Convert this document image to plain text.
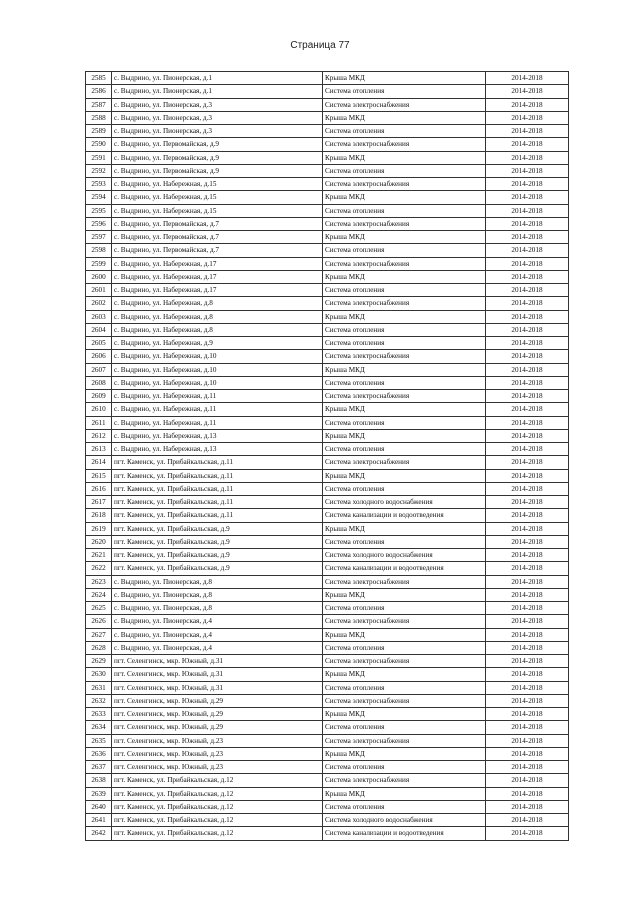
Страница 77
2585	с. Выдрино, ул. Пионерская, д.1	Крыша МКД	2014-2018
2586	с. Выдрино, ул. Пионерская, д.1	Система отопления	2014-2018
2587	с. Выдрино, ул. Пионерская, д.3	Система электроснабжения	2014-2018
2588	с. Выдрино, ул. Пионерская, д.3	Крыша МКД	2014-2018
2589	с. Выдрино, ул. Пионерская, д.3	Система отопления	2014-2018
2590	с. Выдрино, ул. Первомайская, д.9	Система электроснабжения	2014-2018
2591	с. Выдрино, ул. Первомайская, д.9	Крыша МКД	2014-2018
2592	с. Выдрино, ул. Первомайская, д.9	Система отопления	2014-2018
2593	с. Выдрино, ул. Набережная, д.15	Система электроснабжения	2014-2018
2594	с. Выдрино, ул. Набережная, д.15	Крыша МКД	2014-2018
2595	с. Выдрино, ул. Набережная, д.15	Система отопления	2014-2018
2596	с. Выдрино, ул. Первомайская, д.7	Система электроснабжения	2014-2018
2597	с. Выдрино, ул. Первомайская, д.7	Крыша МКД	2014-2018
2598	с. Выдрино, ул. Первомайская, д.7	Система отопления	2014-2018
2599	с. Выдрино, ул. Набережная, д.17	Система электроснабжения	2014-2018
2600	с. Выдрино, ул. Набережная, д.17	Крыша МКД	2014-2018
2601	с. Выдрино, ул. Набережная, д.17	Система отопления	2014-2018
2602	с. Выдрино, ул. Набережная, д.8	Система электроснабжения	2014-2018
2603	с. Выдрино, ул. Набережная, д.8	Крыша МКД	2014-2018
2604	с. Выдрино, ул. Набережная, д.8	Система отопления	2014-2018
2605	с. Выдрино, ул. Набережная, д.9	Система отопления	2014-2018
2606	с. Выдрино, ул. Набережная, д.10	Система электроснабжения	2014-2018
2607	с. Выдрино, ул. Набережная, д.10	Крыша МКД	2014-2018
2608	с. Выдрино, ул. Набережная, д.10	Система отопления	2014-2018
2609	с. Выдрино, ул. Набережная, д.11	Система электроснабжения	2014-2018
2610	с. Выдрино, ул. Набережная, д.11	Крыша МКД	2014-2018
2611	с. Выдрино, ул. Набережная, д.11	Система отопления	2014-2018
2612	с. Выдрино, ул. Набережная, д.13	Крыша МКД	2014-2018
2613	с. Выдрино, ул. Набережная, д.13	Система отопления	2014-2018
2614	пгт. Каменск, ул. Прибайкальская, д.11	Система электроснабжения	2014-2018
2615	пгт. Каменск, ул. Прибайкальская, д.11	Крыша МКД	2014-2018
2616	пгт. Каменск, ул. Прибайкальская, д.11	Система отопления	2014-2018
2617	пгт. Каменск, ул. Прибайкальская, д.11	Система холодного водоснабжения	2014-2018
2618	пгт. Каменск, ул. Прибайкальская, д.11	Система канализации и водоотведения	2014-2018
2619	пгт. Каменск, ул. Прибайкальская, д.9	Крыша МКД	2014-2018
2620	пгт. Каменск, ул. Прибайкальская, д.9	Система отопления	2014-2018
2621	пгт. Каменск, ул. Прибайкальская, д.9	Система холодного водоснабжения	2014-2018
2622	пгт. Каменск, ул. Прибайкальская, д.9	Система канализации и водоотведения	2014-2018
2623	с. Выдрино, ул. Пионерская, д.8	Система электроснабжения	2014-2018
2624	с. Выдрино, ул. Пионерская, д.8	Крыша МКД	2014-2018
2625	с. Выдрино, ул. Пионерская, д.8	Система отопления	2014-2018
2626	с. Выдрино, ул. Пионерская, д.4	Система электроснабжения	2014-2018
2627	с. Выдрино, ул. Пионерская, д.4	Крыша МКД	2014-2018
2628	с. Выдрино, ул. Пионерская, д.4	Система отопления	2014-2018
2629	пгт. Селенгинск, мкр. Южный, д.31	Система электроснабжения	2014-2018
2630	пгт. Селенгинск, мкр. Южный, д.31	Крыша МКД	2014-2018
2631	пгт. Селенгинск, мкр. Южный, д.31	Система отопления	2014-2018
2632	пгт. Селенгинск, мкр. Южный, д.29	Система электроснабжения	2014-2018
2633	пгт. Селенгинск, мкр. Южный, д.29	Крыша МКД	2014-2018
2634	пгт. Селенгинск, мкр. Южный, д.29	Система отопления	2014-2018
2635	пгт. Селенгинск, мкр. Южный, д.23	Система электроснабжения	2014-2018
2636	пгт. Селенгинск, мкр. Южный, д.23	Крыша МКД	2014-2018
2637	пгт. Селенгинск, мкр. Южный, д.23	Система отопления	2014-2018
2638	пгт. Каменск, ул. Прибайкальская, д.12	Система электроснабжения	2014-2018
2639	пгт. Каменск, ул. Прибайкальская, д.12	Крыша МКД	2014-2018
2640	пгт. Каменск, ул. Прибайкальская, д.12	Система отопления	2014-2018
2641	пгт. Каменск, ул. Прибайкальская, д.12	Система холодного водоснабжения	2014-2018
2642	пгт. Каменск, ул. Прибайкальская, д.12	Система канализации и водоотведения	2014-2018
